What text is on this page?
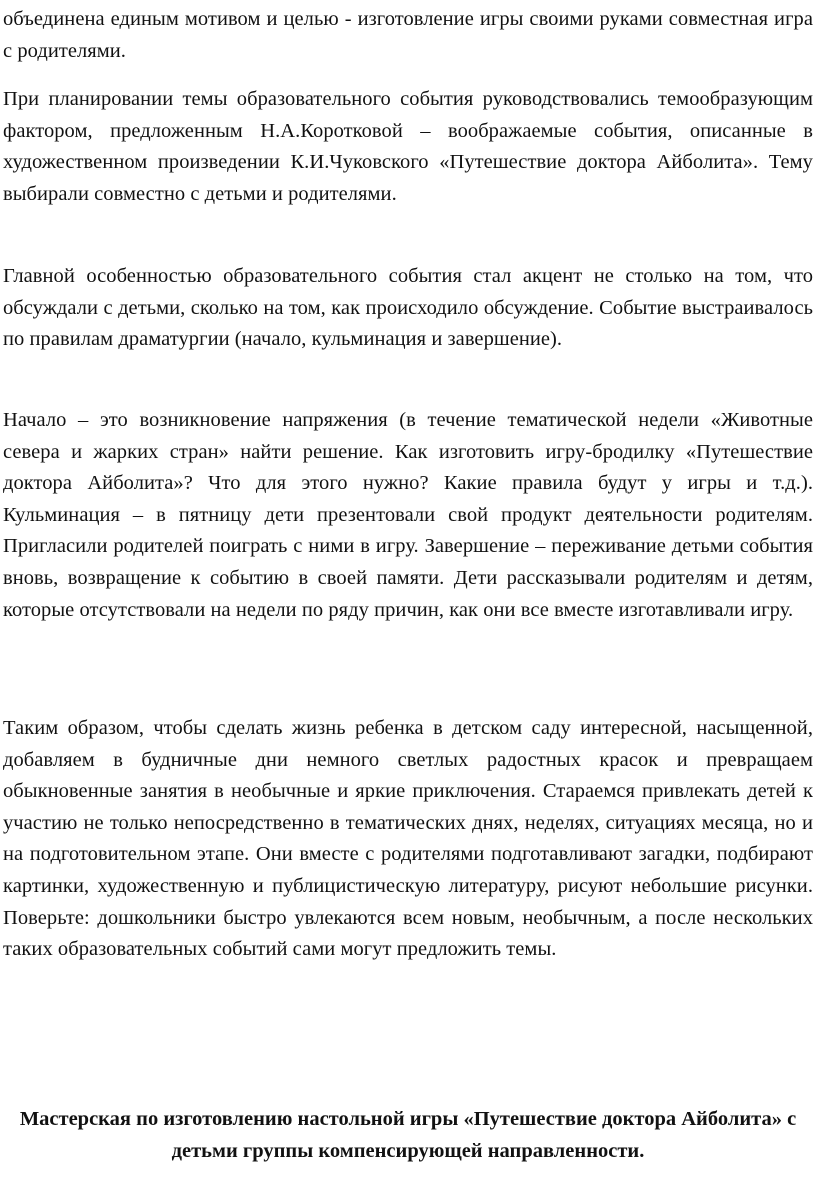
объединена единым мотивом и целью - изготовление игры своими руками совместная игра с родителями.

При планировании темы образовательного события руководствовались темообразующим фактором, предложенным Н.А.Коротковой – воображаемые события, описанные в художественном произведении К.И.Чуковского «Путешествие доктора Айболита». Тему выбирали совместно с детьми и родителями.

Главной особенностью образовательного события стал акцент не столько на том, что обсуждали с детьми, сколько на том, как происходило обсуждение. Событие выстраивалось по правилам драматургии (начало, кульминация и завершение).

Начало – это возникновение напряжения (в течение тематической недели «Животные севера и жарких стран» найти решение. Как изготовить игру-бродилку «Путешествие доктора Айболита»? Что для этого нужно? Какие правила будут у игры и т.д.). Кульминация – в пятницу дети презентовали свой продукт деятельности родителям. Пригласили родителей поиграть с ними в игру. Завершение – переживание детьми события вновь, возвращение к событию в своей памяти. Дети рассказывали родителям и детям, которые отсутствовали на недели по ряду причин, как они все вместе изготавливали игру.

Таким образом, чтобы сделать жизнь ребенка в детском саду интересной, насыщенной, добавляем в будничные дни немного светлых радостных красок и превращаем обыкновенные занятия в необычные и яркие приключения. Стараемся привлекать детей к участию не только непосредственно в тематических днях, неделях, ситуациях месяца, но и на подготовительном этапе. Они вместе с родителями подготавливают загадки, подбирают картинки, художественную и публицистическую литературу, рисуют небольшие рисунки. Поверьте: дошкольники быстро увлекаются всем новым, необычным, а после нескольких таких образовательных событий сами могут предложить темы.

Мастерская по изготовлению настольной игры «Путешествие доктора Айболита» с детьми группы компенсирующей направленности.
